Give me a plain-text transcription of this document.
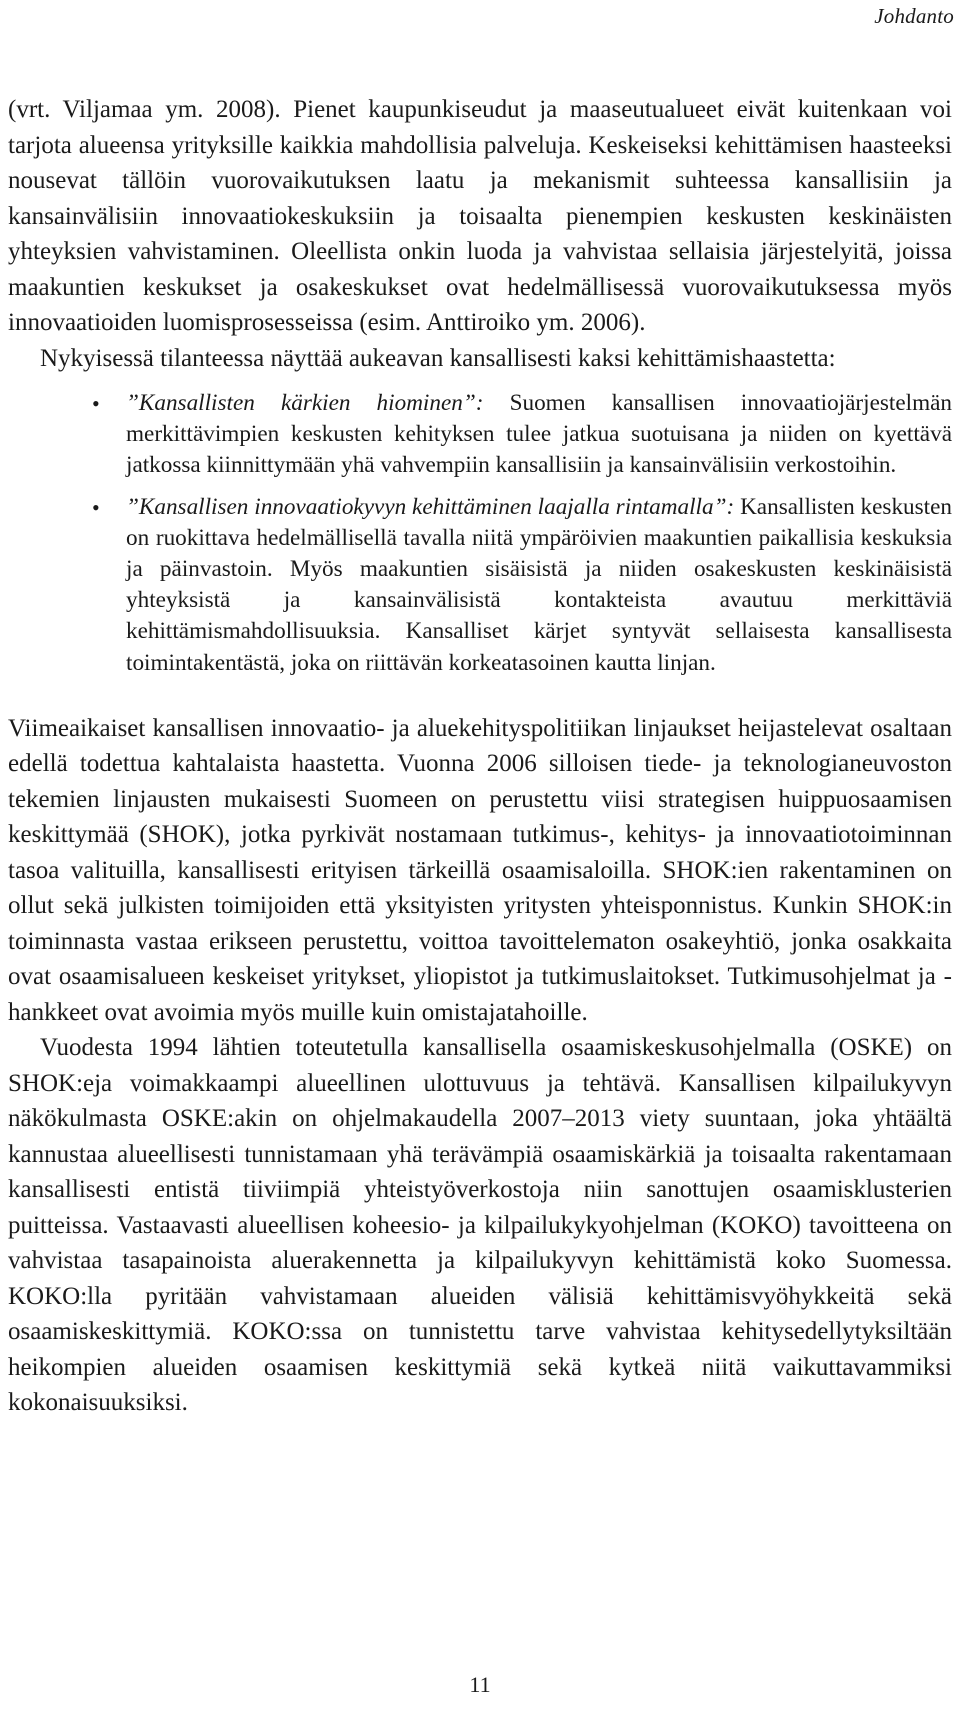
Johdanto

(vrt. Viljamaa ym. 2008). Pienet kaupunkiseudut ja maaseutualueet eivät kuitenkaan voi tarjota alueensa yrityksille kaikkia mahdollisia palveluja. Keskeiseksi kehittämisen haasteeksi nousevat tällöin vuorovaikutuksen laatu ja mekanismit suhteessa kansallisiin ja kansainvälisiin innovaatiokeskuksiin ja toisaalta pienempien keskusten keskinäisten yhteyksien vahvistaminen. Oleellista onkin luoda ja vahvistaa sellaisia järjestelyitä, joissa maakuntien keskukset ja osakeskukset ovat hedelmällisessä vuorovaikutuksessa myös innovaatioiden luomisprosesseissa (esim. Anttiroiko ym. 2006).

Nykyisessä tilanteessa näyttää aukeavan kansallisesti kaksi kehittämishaastetta:

• ”Kansallisten kärkien hiominen”: Suomen kansallisen innovaatiojärjestelmän merkittävimpien keskusten kehityksen tulee jatkua suotuisana ja niiden on kyettävä jatkossa kiinnittymään yhä vahvempiin kansallisiin ja kansainvälisiin verkostoihin.
• ”Kansallisen innovaatiokyvyn kehittäminen laajalla rintamalla”: Kansallisten keskusten on ruokittava hedelmällisellä tavalla niitä ympäröivien maakuntien paikallisia keskuksia ja päinvastoin. Myös maakuntien sisäisistä ja niiden osakeskusten keskinäisistä yhteyksistä ja kansainvälisistä kontakteista avautuu merkittäviä kehittämismahdollisuuksia. Kansalliset kärjet syntyvät sellaisesta kansallisesta toimintakentästä, joka on riittävän korkeatasoinen kautta linjan.

Viimeaikaiset kansallisen innovaatio- ja aluekehityspolitiikan linjaukset heijastelevat osaltaan edellä todettua kahtalaista haastetta. Vuonna 2006 silloisen tiede- ja teknologianeuvoston tekemien linjausten mukaisesti Suomeen on perustettu viisi strategisen huippuosaamisen keskittymää (SHOK), jotka pyrkivät nostamaan tutkimus-, kehitys- ja innovaatiotoiminnan tasoa valituilla, kansallisesti erityisen tärkeillä osaamisaloilla. SHOK:ien rakentaminen on ollut sekä julkisten toimijoiden että yksityisten yritysten yhteisponnistus. Kunkin SHOK:in toiminnasta vastaa erikseen perustettu, voittoa tavoittelematon osakeyhtiö, jonka osakkaita ovat osaamisalueen keskeiset yritykset, yliopistot ja tutkimuslaitokset. Tutkimusohjelmat ja -hankkeet ovat avoimia myös muille kuin omistajatahoille.

Vuodesta 1994 lähtien toteutetulla kansallisella osaamiskeskusohjelmalla (OSKE) on SHOK:eja voimakkaampi alueellinen ulottuvuus ja tehtävä. Kansallisen kilpailukyvyn näkökulmasta OSKE:akin on ohjelmakaudella 2007–2013 viety suuntaan, joka yhtäältä kannustaa alueellisesti tunnistamaan yhä terävämpiä osaamiskärkiä ja toisaalta rakentamaan kansallisesti entistä tiiviimpiä yhteistyöverkostoja niin sanottujen osaamisklusterien puitteissa. Vastaavasti alueellisen koheesio- ja kilpailukykyohjelman (KOKO) tavoitteena on vahvistaa tasapainoista aluerakennetta ja kilpailukyvyn kehittämistä koko Suomessa. KOKO:lla pyritään vahvistamaan alueiden välisiä kehittämisvyöhykkeitä sekä osaamiskeskittymiä. KOKO:ssa on tunnistettu tarve vahvistaa kehitysedellytyksiltään heikompien alueiden osaamisen keskittymiä sekä kytkeä niitä vaikuttavammiksi kokonaisuuksiksi.

11
